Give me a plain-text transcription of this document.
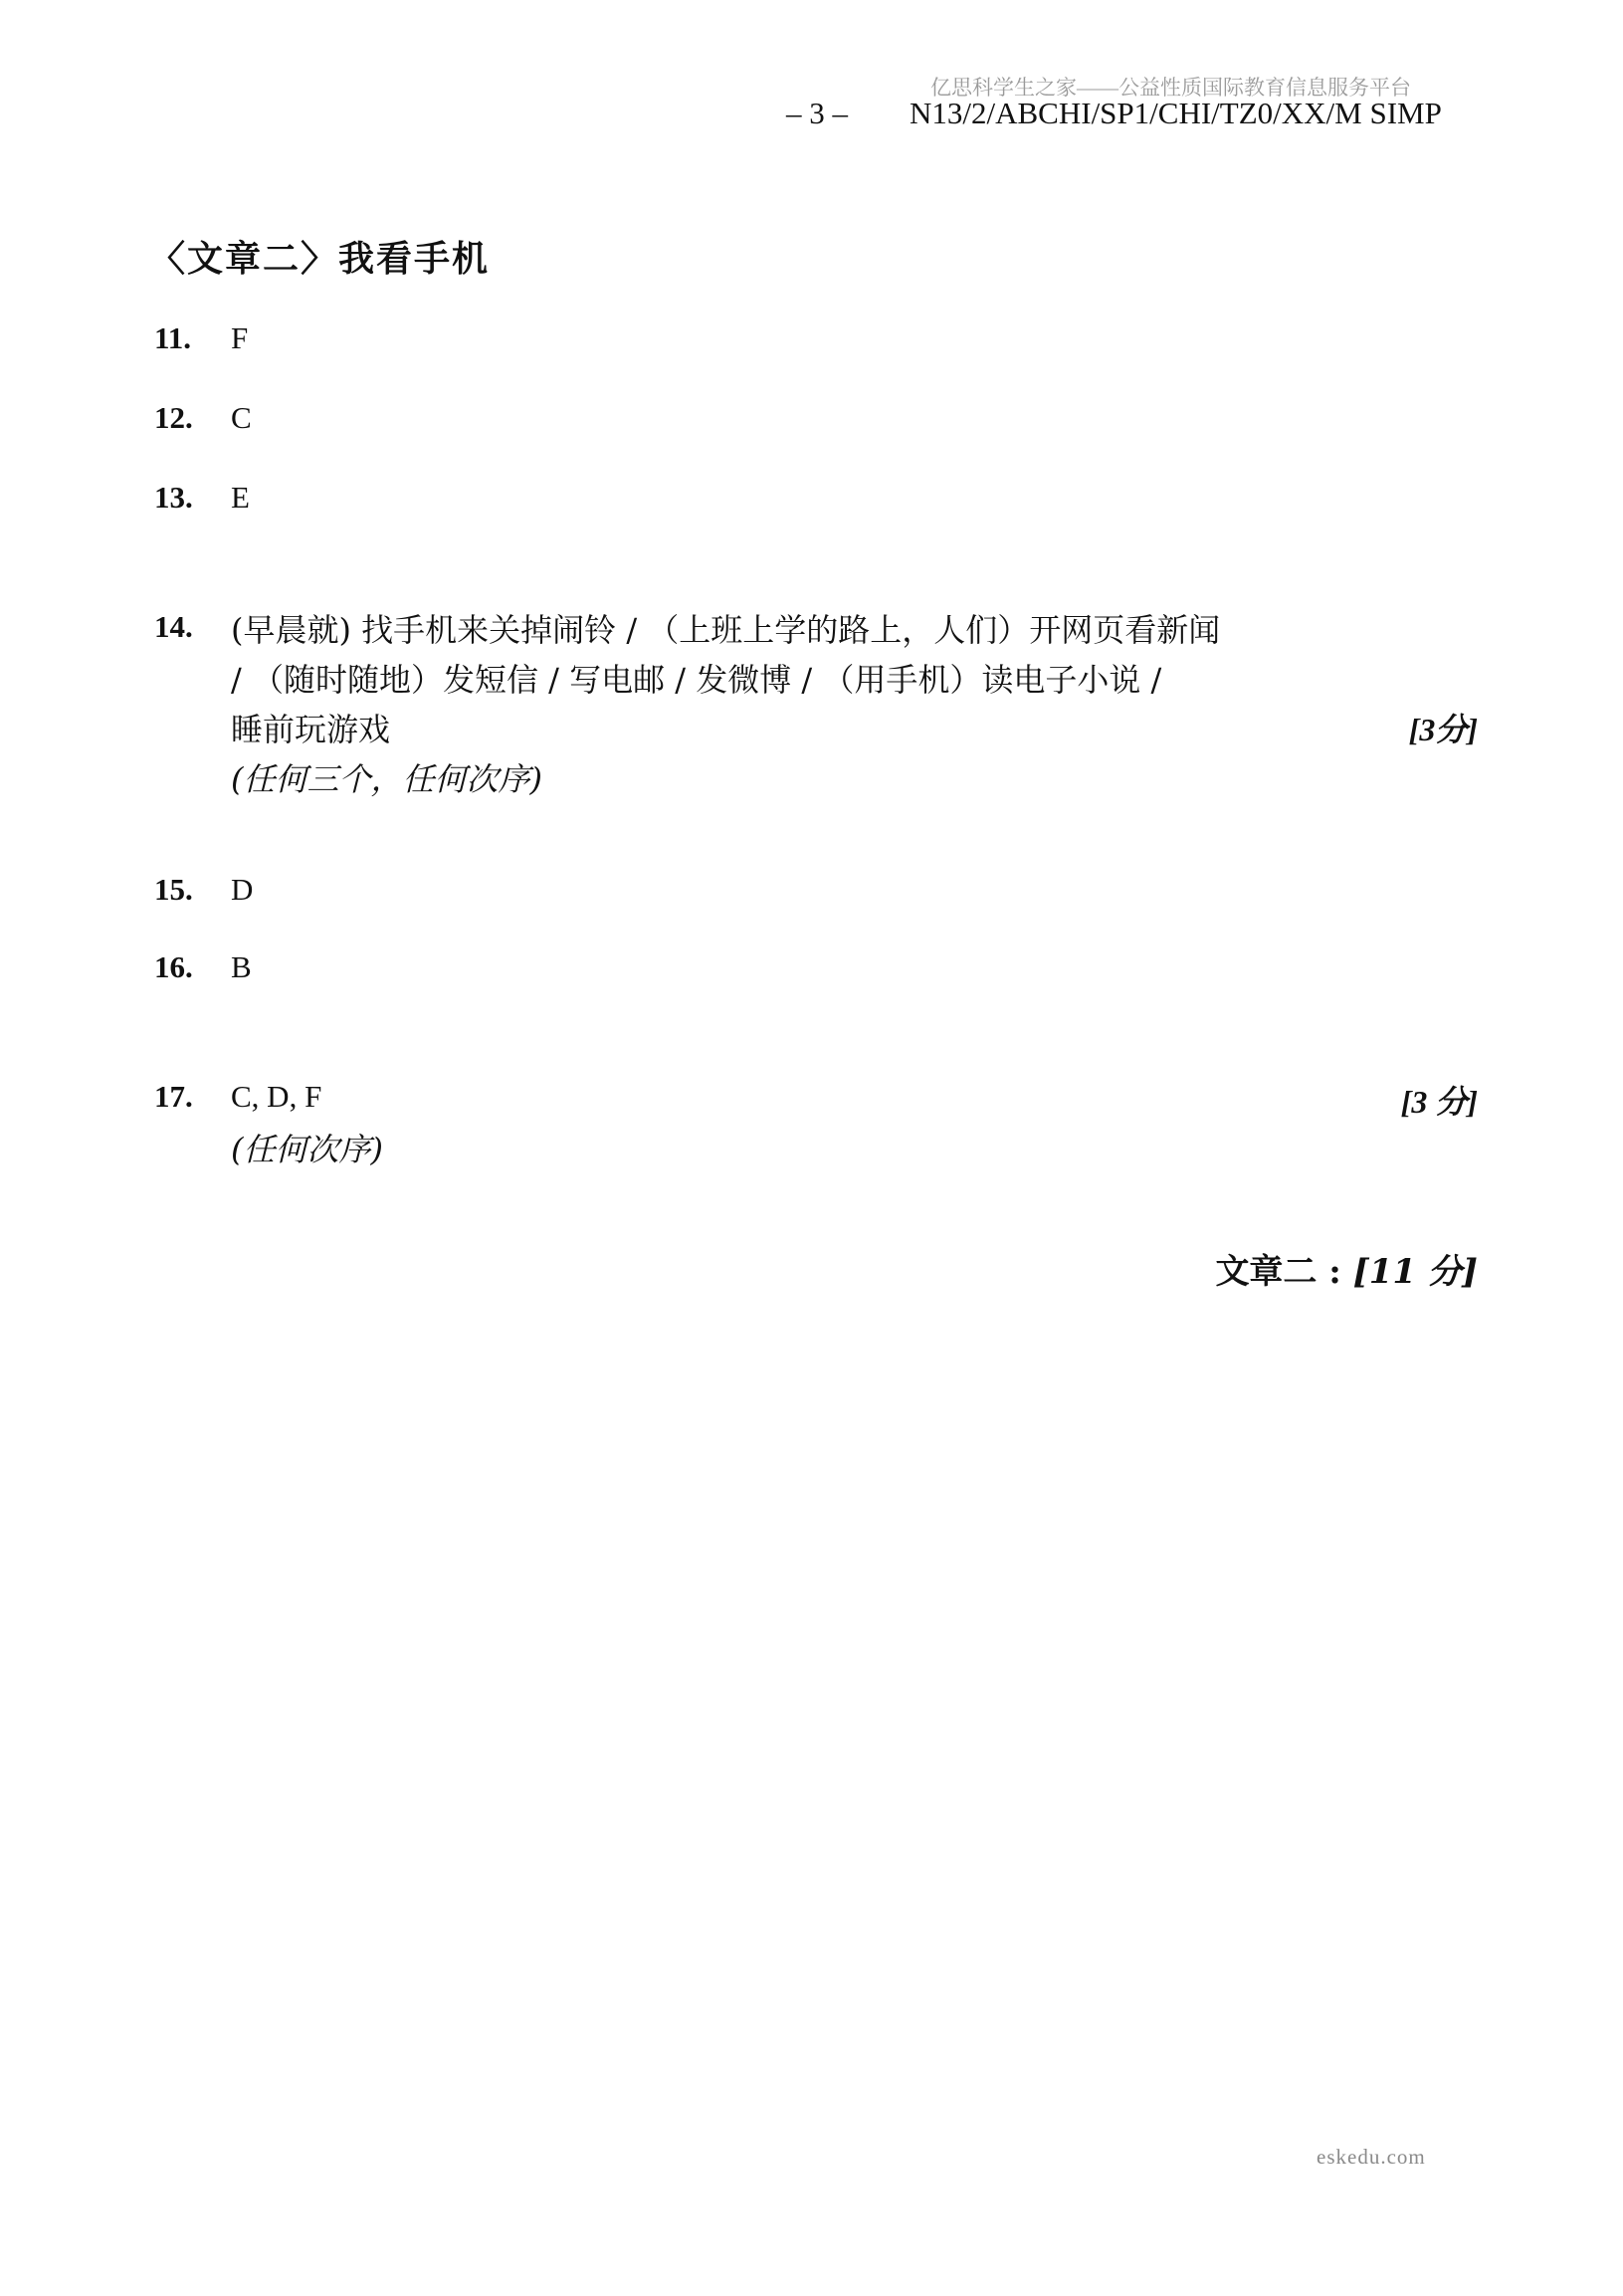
亿思科学生之家——公益性质国际教育信息服务平台
– 3 – N13/2/ABCHI/SP1/CHI/TZ0/XX/M SIMP
〈文章二〉我看手机
11. F
12. C
13. E
14. (早晨就) 找手机来关掉闹铃 / （上班上学的路上，人们）开网页看新闻
/ （随时随地）发短信 / 写电邮 / 发微博 / （用手机）读电子小说 /
睡前玩游戏	[3分]
(任何三个，任何次序)
15. D
16. B
17. C, D, F	[3 分]
(任何次序)
文章二 : [11 分]
eskedu.com
